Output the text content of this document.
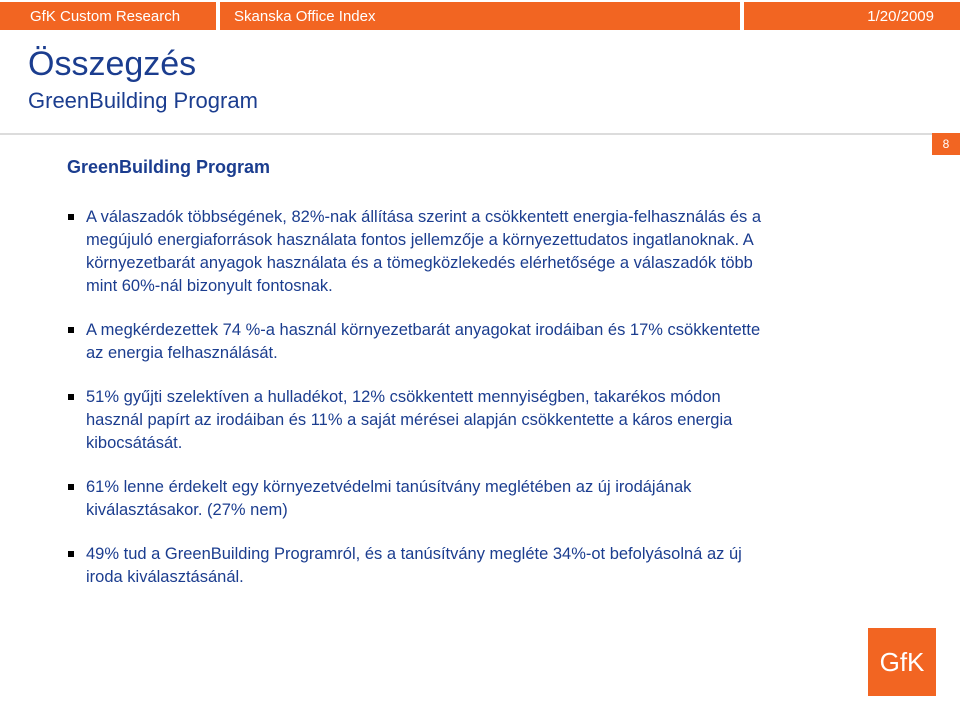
GfK Custom Research	Skanska Office Index	1/20/2009
Összegzés
GreenBuilding Program
8
GreenBuilding Program
A válaszadók többségének, 82%-nak állítása szerint a csökkentett energia-felhasználás és a megújuló energiaforrások használata fontos jellemzője a környezettudatos ingatlanoknak. A környezetbarát anyagok használata és a tömegközlekedés elérhetősége a válaszadók több mint 60%-nál bizonyult fontosnak.
A megkérdezettek 74 %-a használ környezetbarát anyagokat irodáiban és 17% csökkentette az energia felhasználását.
51% gyűjti szelektíven a hulladékot, 12% csökkentett mennyiségben, takarékos módon használ papírt az irodáiban és 11% a saját mérései alapján csökkentette a káros energia kibocsátását.
61% lenne érdekelt egy környezetvédelmi tanúsítvány meglétében az új irodájának kiválasztásakor. (27% nem)
49% tud a GreenBuilding Programról, és a tanúsítvány megléte 34%-ot befolyásolná az új iroda kiválasztásánál.
GfK
